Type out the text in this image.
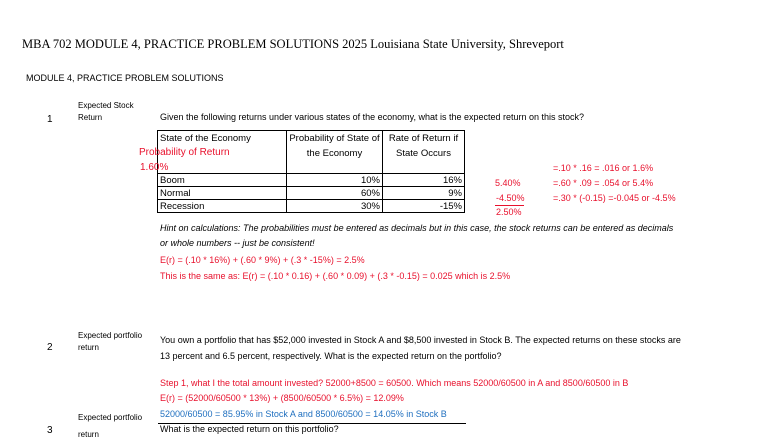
MBA 702 MODULE 4, PRACTICE PROBLEM SOLUTIONS 2025 Louisiana State University, Shreveport
MODULE 4, PRACTICE PROBLEM SOLUTIONS
1
Expected Stock
Return	Given the following returns under various states of the economy, what is the expected return on this stock?
State of the Economy	Probability of State of the Economy	Rate of Return if State Occurs
Boom	10%	16%
Normal	60%	9%
Recession	30%	-15%
Probability of Return
1.60%
5.40%
-4.50%
2.50%
=.10 * .16 = .016 or 1.6%
=.60 * .09 = .054 or 5.4%
=.30 * (-0.15) =-0.045 or -4.5%
Hint on calculations: The probabilities must be entered as decimals but in this case, the stock returns can be entered as decimals
or whole numbers -- just be consistent!
E(r) = (.10 * 16%) + (.60 * 9%) + (.3 * -15%) = 2.5%
This is the same as: E(r) = (.10 * 0.16) + (.60 * 0.09) + (.3 * -0.15) = 0.025 which is 2.5%
2
Expected portfolio
return
You own a portfolio that has $52,000 invested in Stock A and $8,500 invested in Stock B. The expected returns on these stocks are
13 percent and 6.5 percent, respectively. What is the expected return on the portfolio?
Step 1, what I the total amount invested? 52000+8500 = 60500. Which means 52000/60500 in A and 8500/60500 in B
E(r) = (52000/60500 * 13%) + (8500/60500 * 6.5%) = 12.09%
52000/60500 = 85.95% in Stock A and 8500/60500 = 14.05% in Stock B
3
Expected portfolio
return
What is the expected return on this portfolio?
